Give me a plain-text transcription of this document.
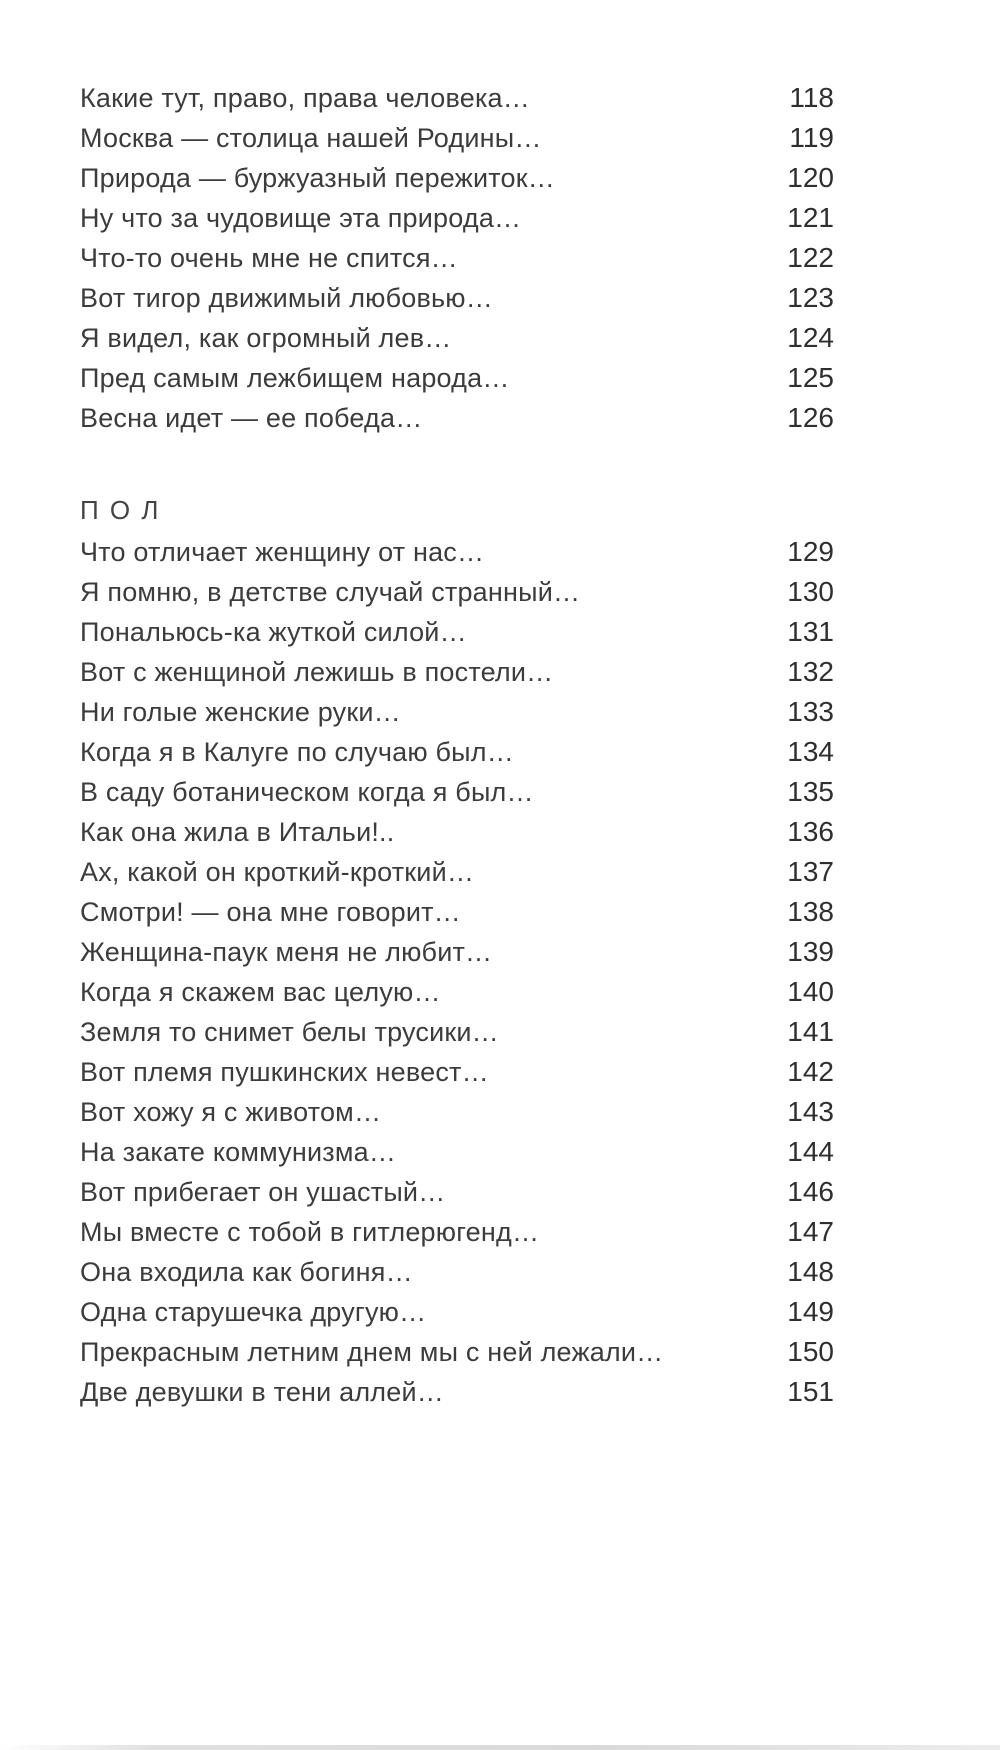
Какие тут, право, права человека…	118
Москва — столица нашей Родины…	119
Природа — буржуазный пережиток…	120
Ну что за чудовище эта природа…	121
Что-то очень мне не спится…	122
Вот тигор движимый любовью…	123
Я видел, как огромный лев…	124
Пред самым лежбищем народа…	125
Весна идет — ее победа…	126
П О Л
Что отличает женщину от нас…	129
Я помню, в детстве случай странный…	130
Пональюсь-ка жуткой силой…	131
Вот с женщиной лежишь в постели…	132
Ни голые женские руки…	133
Когда я в Калуге по случаю был…	134
В саду ботаническом когда я был…	135
Как она жила в Итальи!..	136
Ах, какой он кроткий-кроткий…	137
Смотри! — она мне говорит…	138
Женщина-паук меня не любит…	139
Когда я скажем вас целую…	140
Земля то снимет белы трусики…	141
Вот племя пушкинских невест…	142
Вот хожу я с животом…	143
На закате коммунизма…	144
Вот прибегает он ушастый…	146
Мы вместе с тобой в гитлерюгенд…	147
Она входила как богиня…	148
Одна старушечка другую…	149
Прекрасным летним днем мы с ней лежали…	150
Две девушки в тени аллей…	151
